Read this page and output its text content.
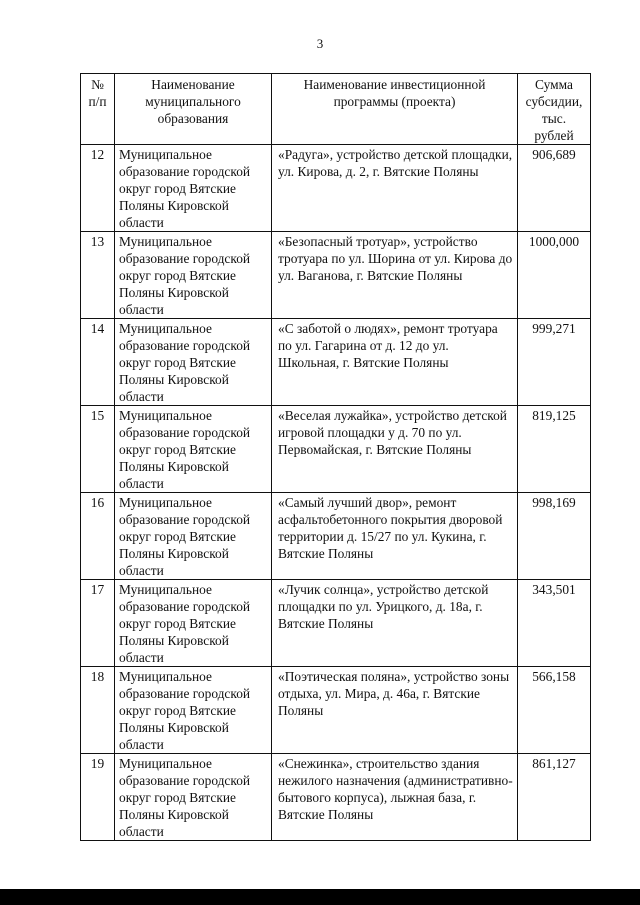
3
№ п/п	Наименование муниципального образования	Наименование инвестиционной программы (проекта)	Сумма субсидии, тыс. рублей
12	Муниципальное образование городской округ город Вятские Поляны Кировской области	«Радуга», устройство детской площадки, ул. Кирова, д. 2, г. Вятские Поляны	906,689
13	Муниципальное образование городской округ город Вятские Поляны Кировской области	«Безопасный тротуар», устройство тротуара по ул. Шорина от ул. Кирова до ул. Ваганова, г. Вятские Поляны	1000,000
14	Муниципальное образование городской округ город Вятские Поляны Кировской области	«С заботой о людях», ремонт тротуара по ул. Гагарина от д. 12 до ул. Школьная, г. Вятские Поляны	999,271
15	Муниципальное образование городской округ город Вятские Поляны Кировской области	«Веселая лужайка», устройство детской игровой площадки у д. 70 по ул. Первомайская, г. Вятские Поляны	819,125
16	Муниципальное образование городской округ город Вятские Поляны Кировской области	«Самый лучший двор», ремонт асфальтобетонного покрытия дворовой территории д. 15/27 по ул. Кукина, г. Вятские Поляны	998,169
17	Муниципальное образование городской округ город Вятские Поляны Кировской области	«Лучик солнца», устройство детской площадки по ул. Урицкого, д. 18а, г. Вятские Поляны	343,501
18	Муниципальное образование городской округ город Вятские Поляны Кировской области	«Поэтическая поляна», устройство зоны отдыха, ул. Мира, д. 46а, г. Вятские Поляны	566,158
19	Муниципальное образование городской округ город Вятские Поляны Кировской области	«Снежинка», строительство здания нежилого назначения (административно-бытового корпуса), лыжная база, г. Вятские Поляны	861,127
